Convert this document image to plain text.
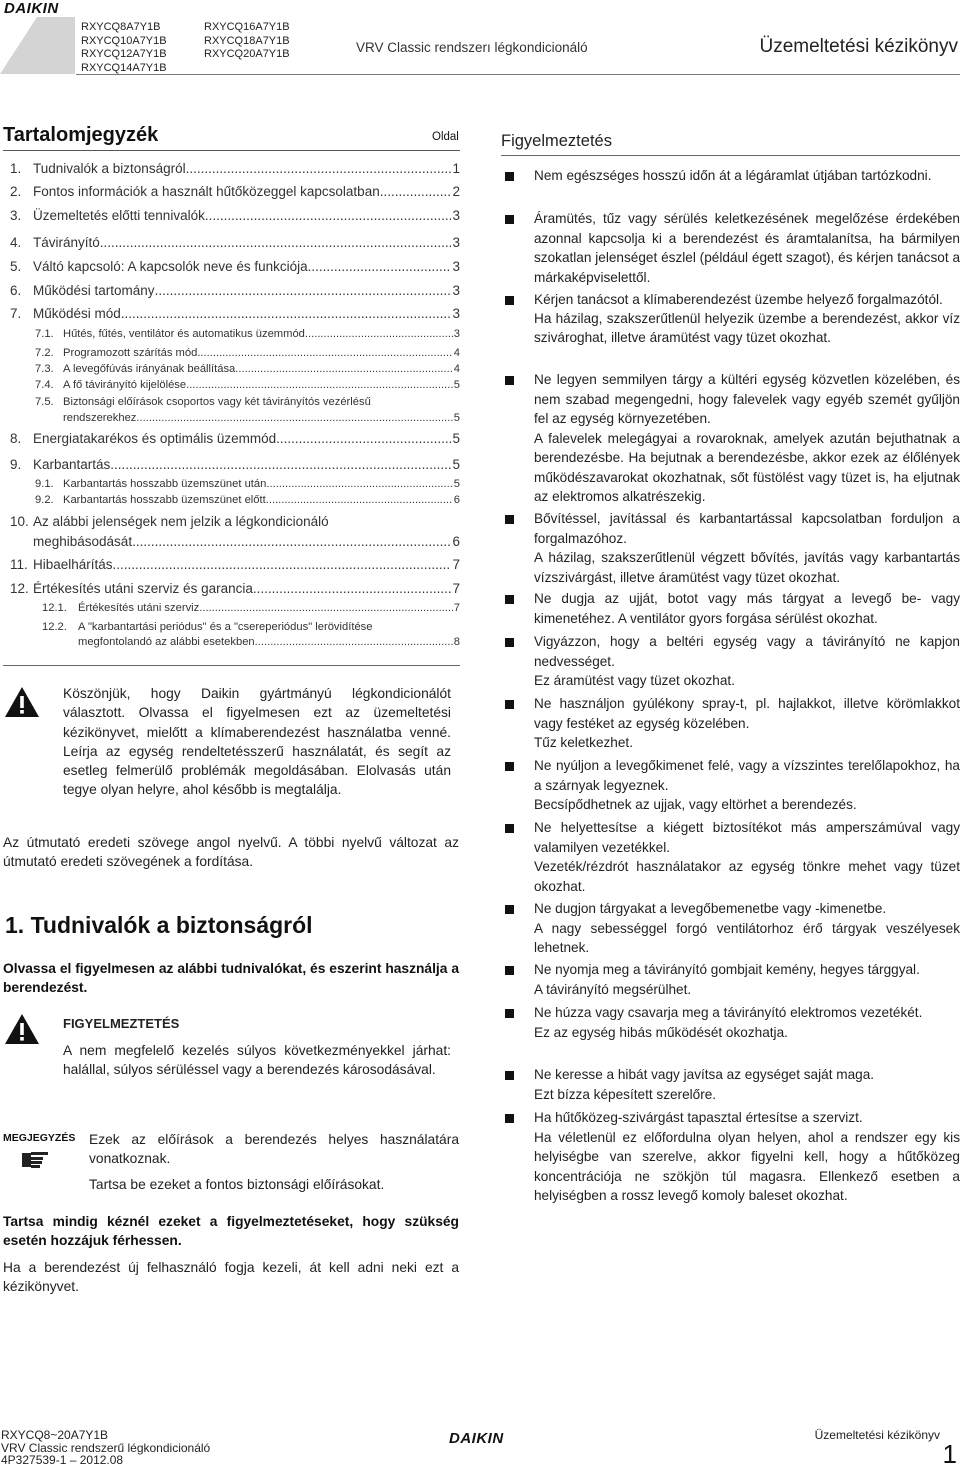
DAIKIN
RXYCQ8A7Y1B
RXYCQ10A7Y1B
RXYCQ12A7Y1B
RXYCQ14A7Y1B
RXYCQ16A7Y1B
RXYCQ18A7Y1B
RXYCQ20A7Y1B	VRV Classic rendszerı légkondicionáló	Üzemeltetési kézikönyv
Tartalomjegyzék	Oldal
1. Tudnivalók a biztonságról .....	1
2. Fontos információk a használt hűtőközeggel kapcsolatban .....	2
3. Üzemeltetés előtti tennivalók .....	3
4. Távirányító .....	3
5. Váltó kapcsoló: A kapcsolók neve és funkciója .....	3
6. Működési tartomány .....	3
7. Működési mód .....	3
7.1. Hűtés, fűtés, ventilátor és automatikus üzemmód .....	3
7.2. Programozott szárítás mód .....	4
7.3. A levegőfúvás irányának beállítása .....	4
7.4. A fő távirányító kijelölése .....	5
7.5. Biztonsági előírások csoportos vagy két távirányítós vezérlésű
rendszerekhez .....	5
8. Energiatakarékos és optimális üzemmód .....	5
9. Karbantartás .....	5
9.1. Karbantartás hosszabb üzemszünet után .....	5
9.2. Karbantartás hosszabb üzemszünet előtt .....	6
10. Az alábbi jelenségek nem jelzik a légkondicionáló
meghibásodását .....	6
11. Hibaelhárítás .....	7
12. Értékesítés utáni szerviz és garancia .....	7
12.1. Értékesítés utáni szerviz .....	7
12.2. A "karbantartási periódus" és a "csereperiódus" lerövidítése
megfontolandó az alábbi esetekben .....	8
Köszönjük, hogy Daikin gyártmányú légkondicionálót választott. Olvassa el figyelmesen ezt az üzemeltetési kézikönyvet, mielőtt a klímaberendezést használatba venné. Leírja az egység rendeltetésszerű használatát, és segít az esetleg felmerülő problémák megoldásában. Elolvasás után tegye olyan helyre, ahol később is megtalálja.
Az útmutató eredeti szövege angol nyelvű. A többi nyelvű változat az útmutató eredeti szövegének a fordítása.
1. Tudnivalók a biztonságról
Olvassa el figyelmesen az alábbi tudnivalókat, és eszerint használja a berendezést.
FIGYELMEZTETÉS
A nem megfelelő kezelés súlyos következményekkel járhat: halállal, súlyos sérüléssel vagy a berendezés károsodásával.
MEGJEGYZÉS Ezek az előírások a berendezés helyes használatára vonatkoznak.
Tartsa be ezeket a fontos biztonsági előírásokat.
Tartsa mindig kéznél ezeket a figyelmeztetéseket, hogy szükség esetén hozzájuk férhessen.
Ha a berendezést új felhasználó fogja kezeli, át kell adni neki ezt a kézikönyvet.
Figyelmeztetés

Nem egészséges hosszú időn át a légáramlat útjában tartózkodni.

Áramütés, tűz vagy sérülés keletkezésének megelőzése érdekében azonnal kapcsolja ki a berendezést és áramtalanítsa, ha bármilyen szokatlan jelenséget észlel (például égett szagot), és kérjen tanácsot a márkaképviselettől.

Kérjen tanácsot a klímaberendezést üzembe helyező forgalmazótól.

Ha házilag, szakszerűtlenül helyezik üzembe a berendezést, akkor víz szivároghat, illetve áramütést vagy tüzet okozhat.

Ne legyen semmilyen tárgy a kültéri egység közvetlen közelében, és nem szabad megengedni, hogy falevelek vagy egyéb szemét gyűljön fel az egység környezetében.

A falevelek melegágyai a rovaroknak, amelyek azután bejuthatnak a berendezésbe. Ha bejutnak a berendezésbe, akkor ezek az élőlények működészavarokat okozhatnak, sőt füstölést vagy tüzet is, ha eljutnak az elektromos alkatrészekig.

Bővítéssel, javítással és karbantartással kapcsolatban forduljon a forgalmazóhoz.

A házilag, szakszerűtlenül végzett bővítés, javítás vagy karbantartás vízszivárgást, illetve áramütést vagy tüzet okozhat.

Ne dugja az ujját, botot vagy más tárgyat a levegő be- vagy kimenetéhez. A ventilátor gyors forgása sérülést okozhat.

Vigyázzon, hogy a beltéri egység vagy a távirányító ne kapjon nedvességet.

Ez áramütést vagy tüzet okozhat.

Ne használjon gyúlékony spray-t, pl. hajlakkot, illetve körömlakkot vagy festéket az egység közelében.

Tűz keletkezhet.

Ne nyúljon a levegőkimenet felé, vagy a vízszintes terelőlapokhoz, ha a szárnyak legyeznek.

Becsípődhetnek az ujjak, vagy eltörhet a berendezés.

Ne helyettesítse a kiégett biztosítékot más amperszámúval vagy valamilyen vezetékkel.

Vezeték/rézdrót használatakor az egység tönkre mehet vagy tüzet okozhat.

Ne dugjon tárgyakat a levegőbemenetbe vagy -kimenetbe.

A nagy sebességgel forgó ventilátorhoz érő tárgyak veszélyesek lehetnek.

Ne nyomja meg a távirányító gombjait kemény, hegyes tárggyal.

A távirányító megsérülhet.

Ne húzza vagy csavarja meg a távirányító elektromos vezetékét.

Ez az egység hibás működését okozhatja.

Ne keresse a hibát vagy javítsa az egységet saját maga.

Ezt bízza képesített szerelőre.

Ha hűtőközeg-szivárgást tapasztal értesítse a szervizt.

Ha véletlenül ez előfordulna olyan helyen, ahol a rendszer egy kis helyiségbe van szerelve, akkor figyelni kell, hogy a hűtőközeg koncentrációja ne szökjön túl magasra. Ellenkező esetben a helyiségben a rossz levegő komoly baleset okozhat.

RXYCQ8~20A7Y1B
VRV Classic rendszerű légkondicionáló
4P327539-1 – 2012.08
DAIKIN	Üzemeltetési kézikönyv
1
